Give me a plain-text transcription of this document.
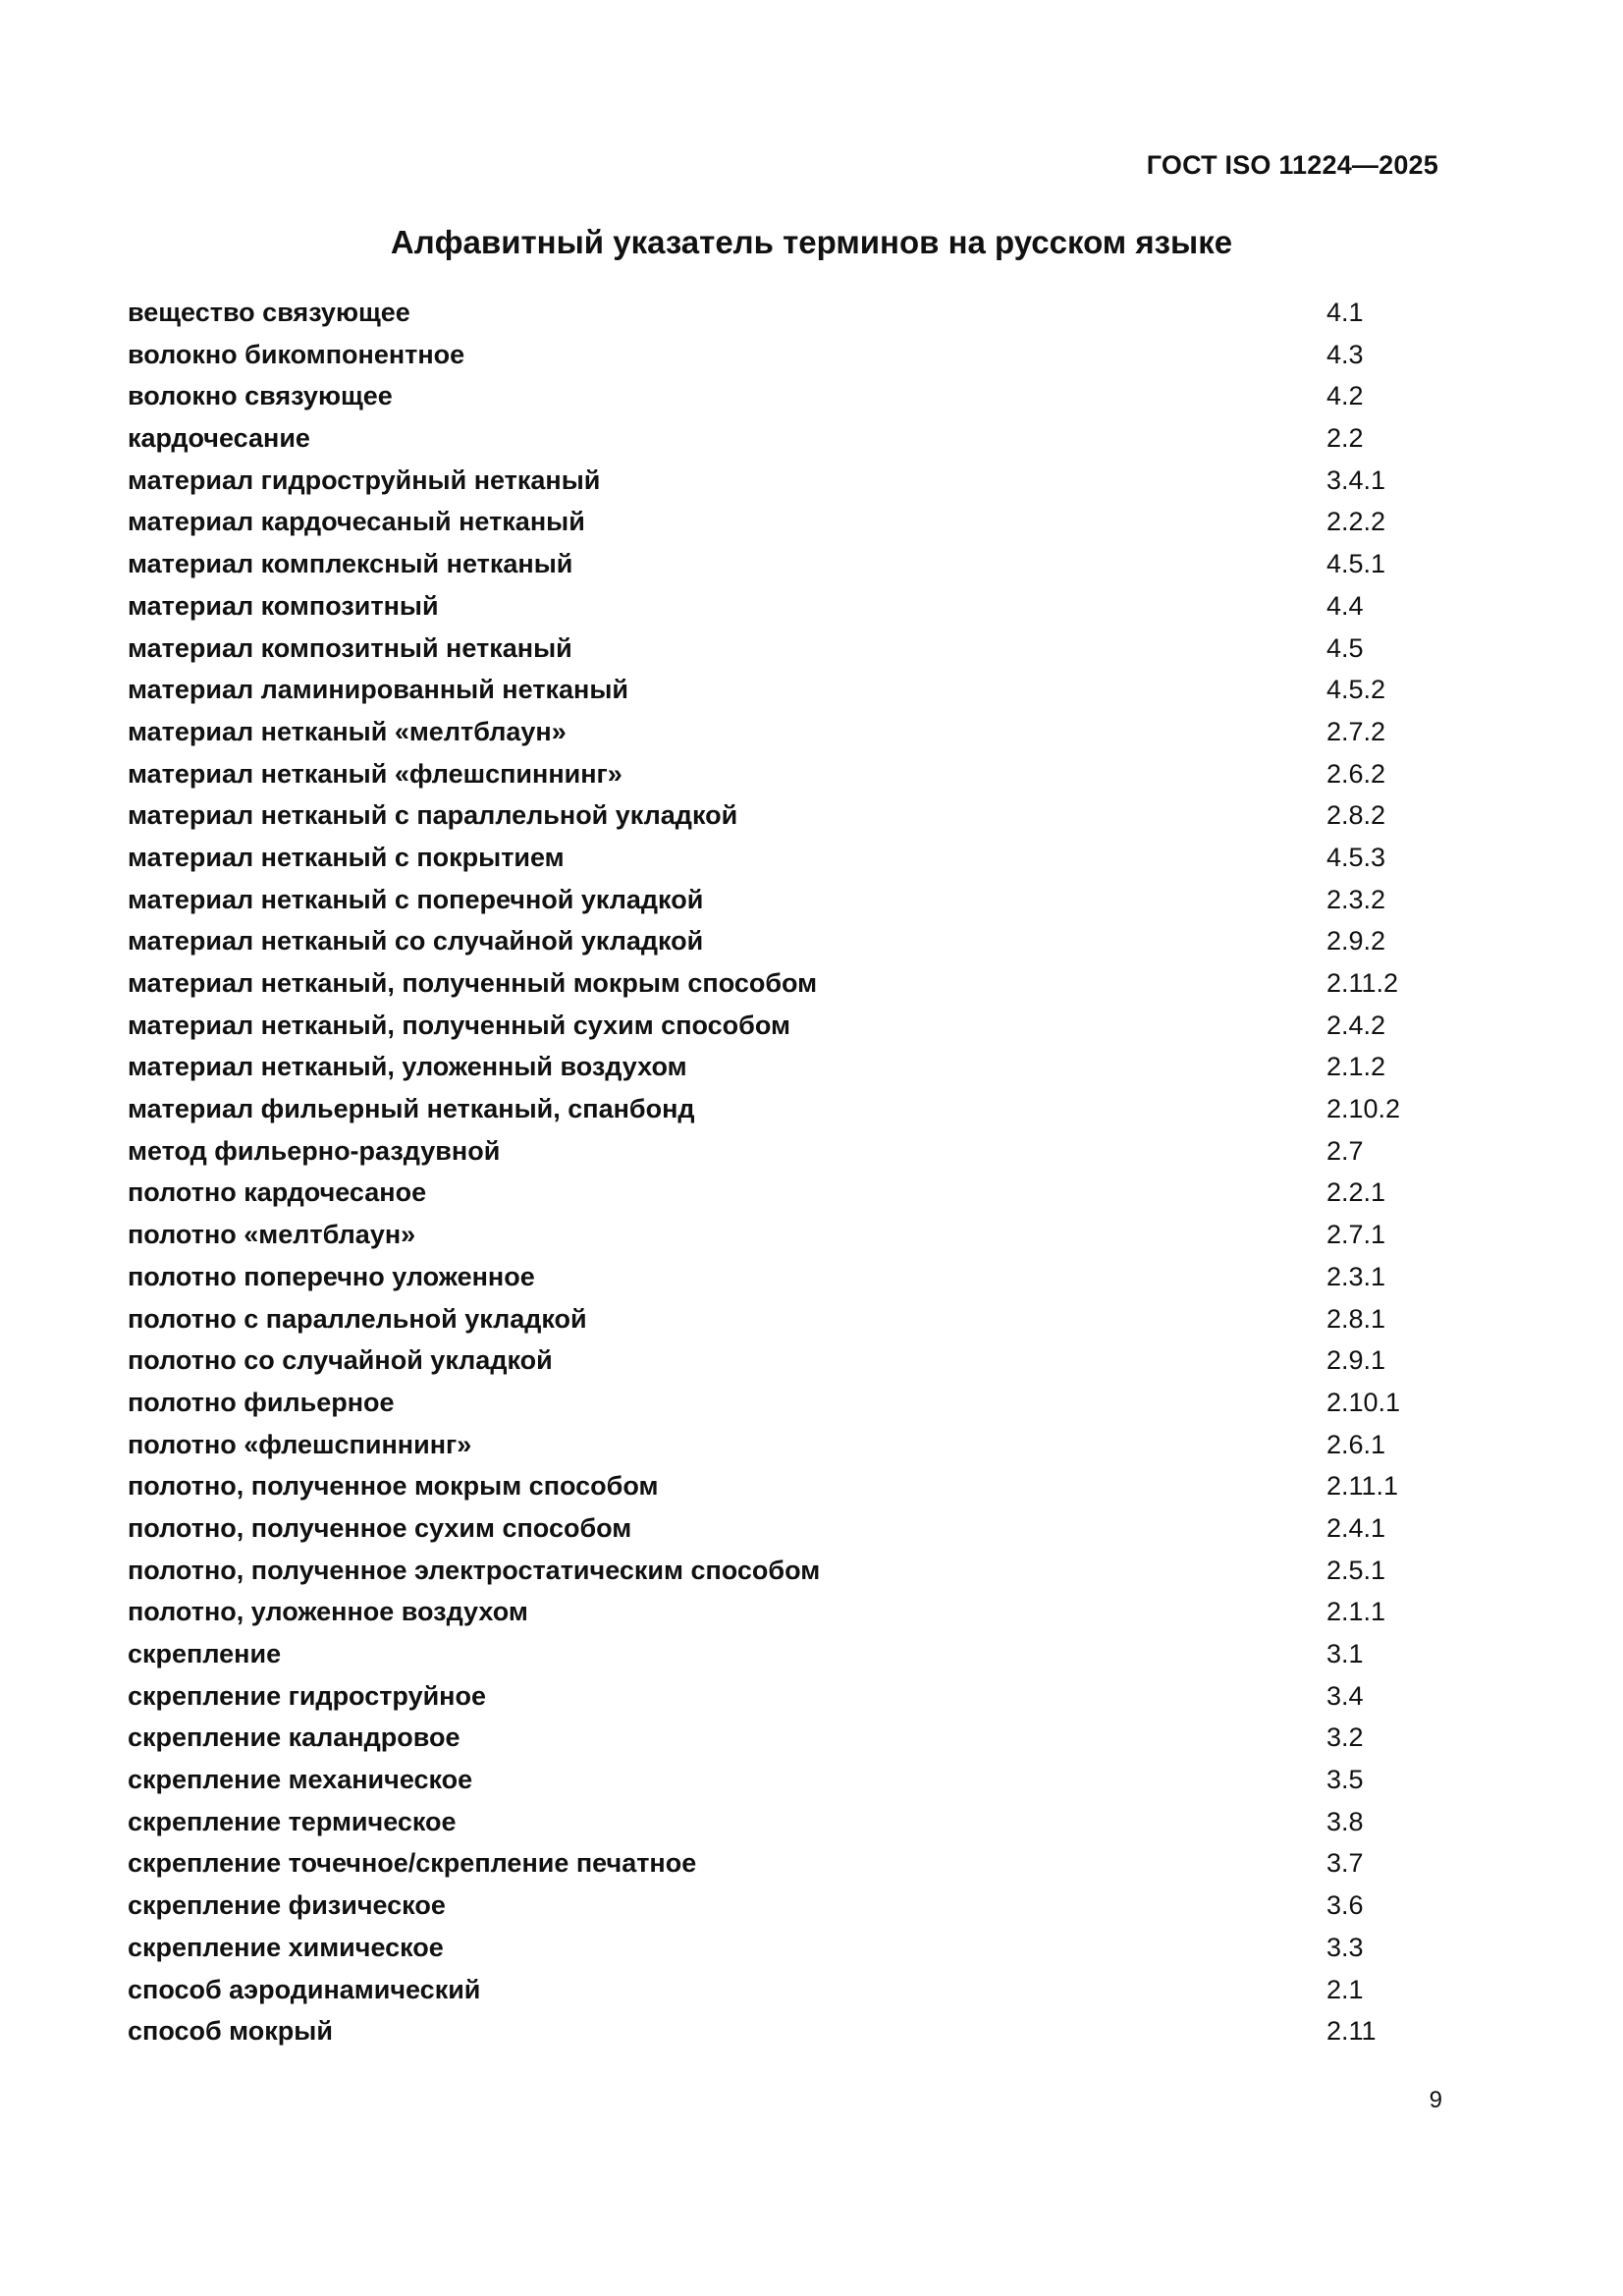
ГОСТ ISO 11224—2025
Алфавитный указатель терминов на русском языке
вещество связующее	4.1
волокно бикомпонентное	4.3
волокно связующее	4.2
кардочесание	2.2
материал гидроструйный нетканый	3.4.1
материал кардочесаный нетканый	2.2.2
материал комплексный нетканый	4.5.1
материал композитный	4.4
материал композитный нетканый	4.5
материал ламинированный нетканый	4.5.2
материал нетканый «мелтблаун»	2.7.2
материал нетканый «флешспиннинг»	2.6.2
материал нетканый с параллельной укладкой	2.8.2
материал нетканый с покрытием	4.5.3
материал нетканый с поперечной укладкой	2.3.2
материал нетканый со случайной укладкой	2.9.2
материал нетканый, полученный мокрым способом	2.11.2
материал нетканый, полученный сухим способом	2.4.2
материал нетканый, уложенный воздухом	2.1.2
материал фильерный нетканый, спанбонд	2.10.2
метод фильерно-раздувной	2.7
полотно кардочесаное	2.2.1
полотно «мелтблаун»	2.7.1
полотно поперечно уложенное	2.3.1
полотно с параллельной укладкой	2.8.1
полотно со случайной укладкой	2.9.1
полотно фильерное	2.10.1
полотно «флешспиннинг»	2.6.1
полотно, полученное мокрым способом	2.11.1
полотно, полученное сухим способом	2.4.1
полотно, полученное электростатическим способом	2.5.1
полотно, уложенное воздухом	2.1.1
скрепление	3.1
скрепление гидроструйное	3.4
скрепление каландровое	3.2
скрепление механическое	3.5
скрепление термическое	3.8
скрепление точечное/скрепление печатное	3.7
скрепление физическое	3.6
скрепление химическое	3.3
способ аэродинамический	2.1
способ мокрый	2.11
9
